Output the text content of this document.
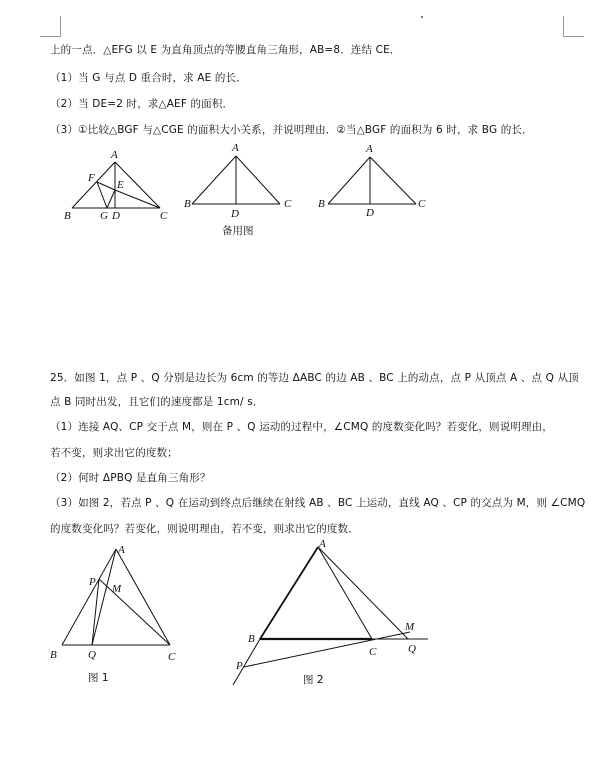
上的一点．△EFG 以 E 为直角顶点的等腰直角三角形，AB=8．连结 CE．
（1）当 G 与点 D 重合时，求 AE 的长．
（2）当 DE=2 时，求△AEF 的面积．
（3）①比较△BGF 与△CGE 的面积大小关系，并说明理由．②当△BGF 的面积为 6 时，求 BG 的长．
A
F
E
B	G D	C
A
B
D
C
备用图
A
B
D
C
25．如图 1，点 P 、Q 分别是边长为 6cm 的等边 ΔABC 的边 AB 、BC 上的动点，点 P 从顶点 A 、点 Q 从顶
点 B 同时出发，且它们的速度都是 1cm/ s．
（1）连接 AQ、CP 交于点 M，则在 P 、Q 运动的过程中，∠CMQ 的度数变化吗？若变化，则说明理由，
若不变，则求出它的度数；
（2）何时 ΔPBQ 是直角三角形？
（3）如图 2，若点 P 、Q 在运动到终点后继续在射线 AB 、BC 上运动，直线 AQ 、CP 的交点为 M，则 ∠CMQ
的度数变化吗？若变化，则说明理由，若不变，则求出它的度数．
A
P
M
B	Q	C
图 1
A
B
C
M
Q
P
图 2
